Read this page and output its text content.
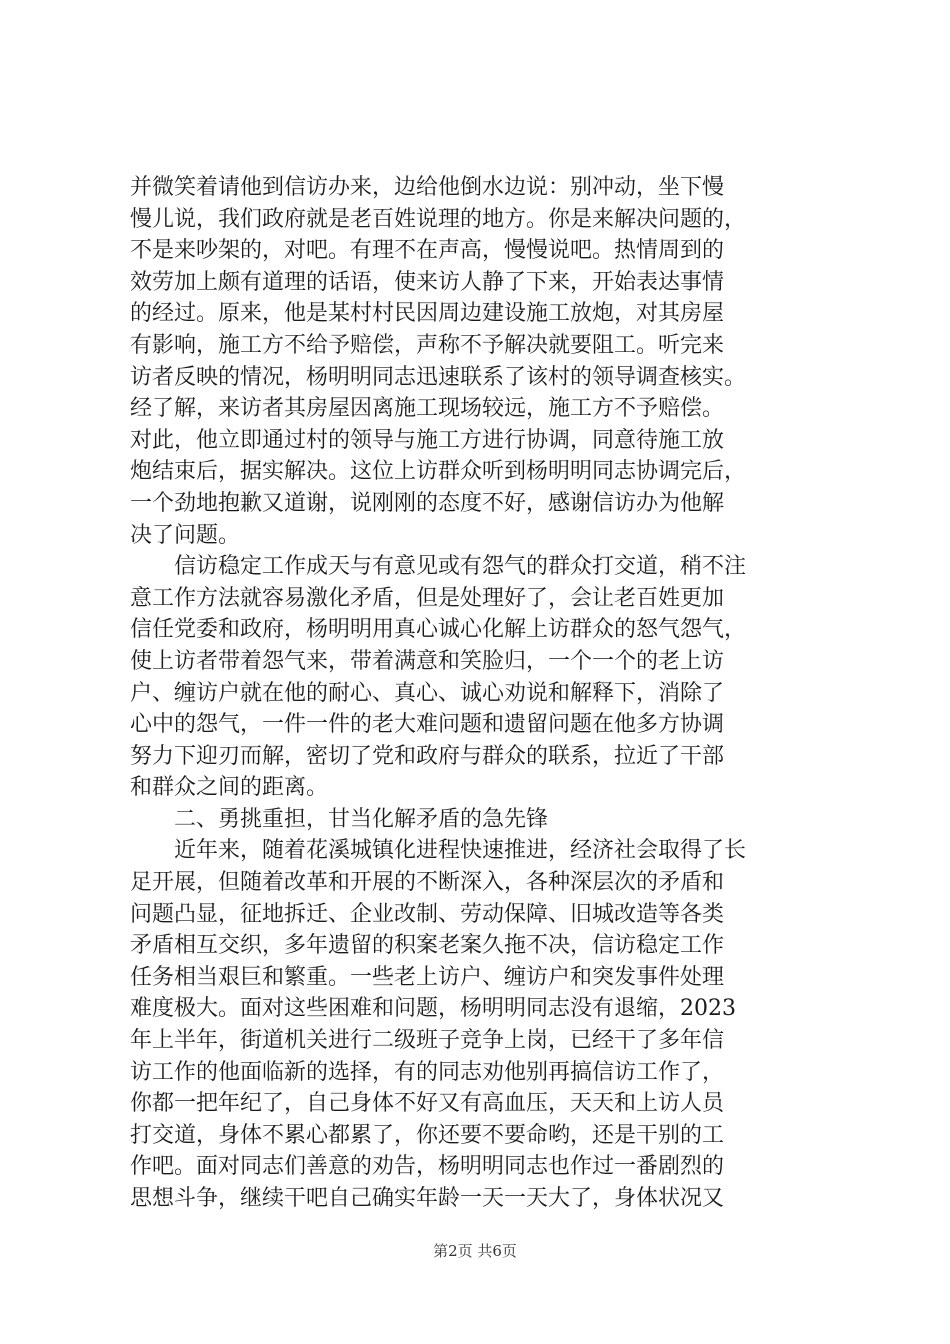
并微笑着请他到信访办来，边给他倒水边说：别冲动，坐下慢
慢儿说，我们政府就是老百姓说理的地方。你是来解决问题的，
不是来吵架的，对吧。有理不在声高，慢慢说吧。热情周到的
效劳加上颇有道理的话语，使来访人静了下来，开始表达事情
的经过。原来，他是某村村民因周边建设施工放炮，对其房屋
有影响，施工方不给予赔偿，声称不予解决就要阻工。听完来
访者反映的情况，杨明明同志迅速联系了该村的领导调查核实。
经了解，来访者其房屋因离施工现场较远，施工方不予赔偿。
对此，他立即通过村的领导与施工方进行协调，同意待施工放
炮结束后，据实解决。这位上访群众听到杨明明同志协调完后，
一个劲地抱歉又道谢，说刚刚的态度不好，感谢信访办为他解
决了问题。
　　信访稳定工作成天与有意见或有怨气的群众打交道，稍不注
意工作方法就容易激化矛盾，但是处理好了，会让老百姓更加
信任党委和政府，杨明明用真心诚心化解上访群众的怒气怨气，
使上访者带着怨气来，带着满意和笑脸归，一个一个的老上访
户、缠访户就在他的耐心、真心、诚心劝说和解释下，消除了
心中的怨气，一件一件的老大难问题和遗留问题在他多方协调
努力下迎刃而解，密切了党和政府与群众的联系，拉近了干部
和群众之间的距离。
　　二、勇挑重担，甘当化解矛盾的急先锋
　　近年来，随着花溪城镇化进程快速推进，经济社会取得了长
足开展，但随着改革和开展的不断深入，各种深层次的矛盾和
问题凸显，征地拆迁、企业改制、劳动保障、旧城改造等各类
矛盾相互交织，多年遗留的积案老案久拖不决，信访稳定工作
任务相当艰巨和繁重。一些老上访户、缠访户和突发事件处理
难度极大。面对这些困难和问题，杨明明同志没有退缩，2023
年上半年，街道机关进行二级班子竞争上岗，已经干了多年信
访工作的他面临新的选择，有的同志劝他别再搞信访工作了，
你都一把年纪了，自己身体不好又有高血压，天天和上访人员
打交道，身体不累心都累了，你还要不要命哟，还是干别的工
作吧。面对同志们善意的劝告，杨明明同志也作过一番剧烈的
思想斗争，继续干吧自己确实年龄一天一天大了，身体状况又
第2页 共6页
